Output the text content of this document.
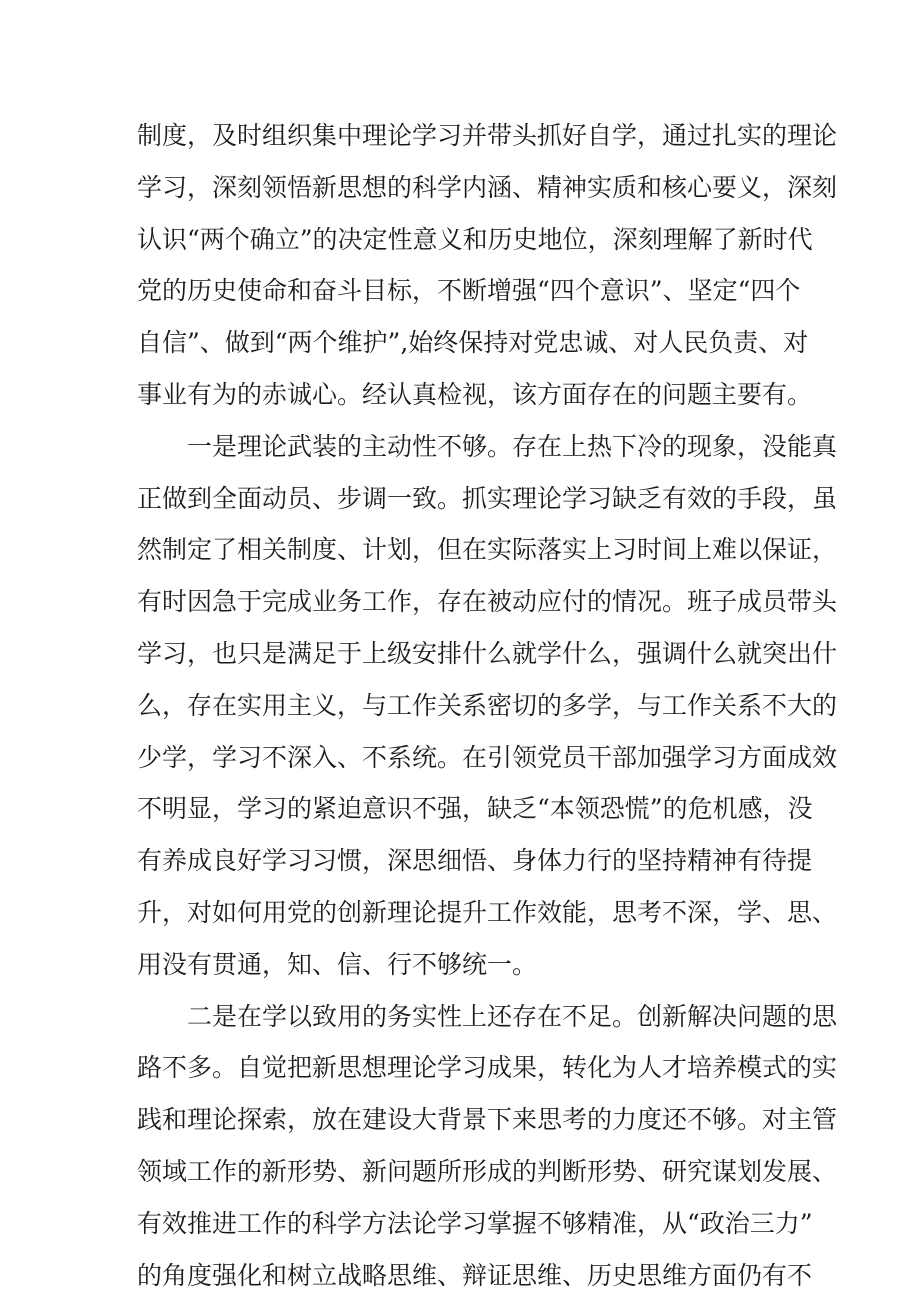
制度，及时组织集中理论学习并带头抓好自学，通过扎实的理论
学习，深刻领悟新思想的科学内涵、精神实质和核心要义，深刻
认识“两个确立”的决定性意义和历史地位，深刻理解了新时代
党的历史使命和奋斗目标，不断增强“四个意识”、坚定“四个
自信”、做到“两个维护”,始终保持对党忠诚、对人民负责、对
事业有为的赤诚心。经认真检视，该方面存在的问题主要有。
一是理论武装的主动性不够。存在上热下冷的现象，没能真
正做到全面动员、步调一致。抓实理论学习缺乏有效的手段，虽
然制定了相关制度、计划，但在实际落实上习时间上难以保证，
有时因急于完成业务工作，存在被动应付的情况。班子成员带头
学习，也只是满足于上级安排什么就学什么，强调什么就突出什
么，存在实用主义，与工作关系密切的多学，与工作关系不大的
少学，学习不深入、不系统。在引领党员干部加强学习方面成效
不明显，学习的紧迫意识不强，缺乏“本领恐慌”的危机感，没
有养成良好学习习惯，深思细悟、身体力行的坚持精神有待提
升，对如何用党的创新理论提升工作效能，思考不深，学、思、
用没有贯通，知、信、行不够统一。
二是在学以致用的务实性上还存在不足。创新解决问题的思
路不多。自觉把新思想理论学习成果，转化为人才培养模式的实
践和理论探索，放在建设大背景下来思考的力度还不够。对主管
领域工作的新形势、新问题所形成的判断形势、研究谋划发展、
有效推进工作的科学方法论学习掌握不够精准，从“政治三力”
的角度强化和树立战略思维、辩证思维、历史思维方面仍有不
